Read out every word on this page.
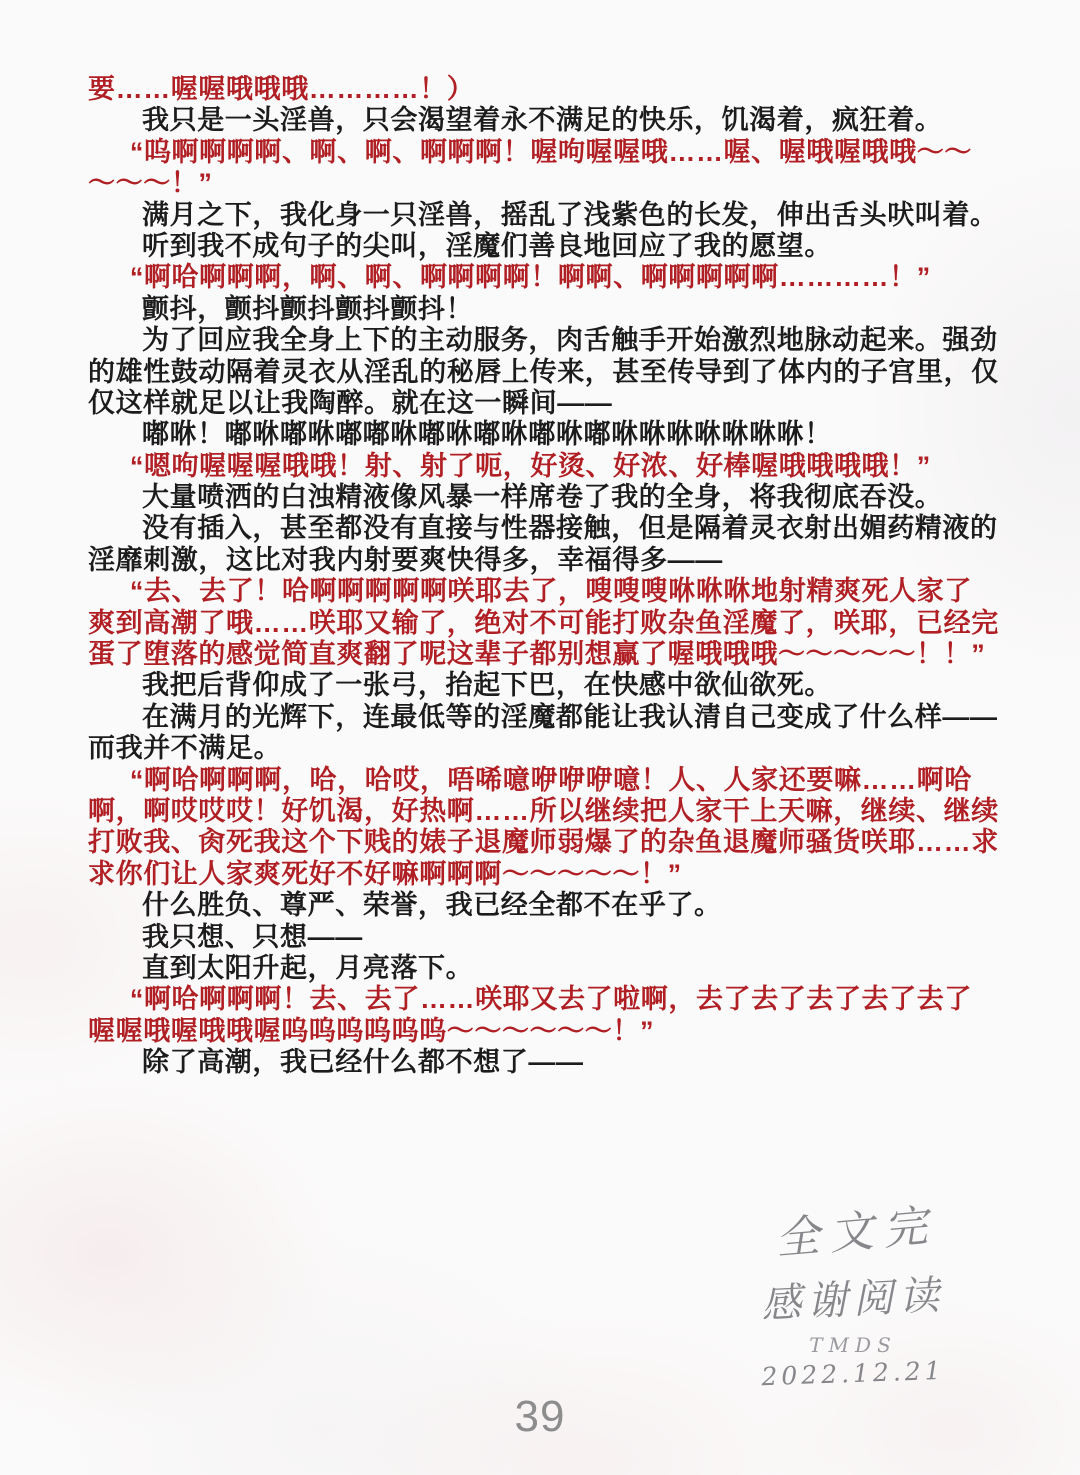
要……喔喔哦哦哦…………！）
我只是一头淫兽，只会渴望着永不满足的快乐，饥渴着，疯狂着。
“呜啊啊啊啊、啊、啊、啊啊啊！喔呴喔喔哦……喔、喔哦喔哦哦～～
～～～！”
满月之下，我化身一只淫兽，摇乱了浅紫色的长发，伸出舌头吠叫着。
听到我不成句子的尖叫，淫魔们善良地回应了我的愿望。
“啊哈啊啊啊，啊、啊、啊啊啊啊！啊啊、啊啊啊啊啊…………！”
颤抖，颤抖颤抖颤抖颤抖！
为了回应我全身上下的主动服务，肉舌触手开始激烈地脉动起来。强劲
的雄性鼓动隔着灵衣从淫乱的秘唇上传来，甚至传导到了体内的子宫里，仅
仅这样就足以让我陶醉。就在这一瞬间——
嘟咻！嘟咻嘟咻嘟嘟咻嘟咻嘟咻嘟咻嘟咻咻咻咻咻咻咻！
“嗯呴喔喔喔哦哦！射、射了呃，好烫、好浓、好棒喔哦哦哦哦！”
大量喷洒的白浊精液像风暴一样席卷了我的全身，将我彻底吞没。
没有插入，甚至都没有直接与性器接触，但是隔着灵衣射出媚药精液的
淫靡刺激，这比对我内射要爽快得多，幸福得多——
“去、去了！哈啊啊啊啊啊咲耶去了，嗖嗖嗖咻咻咻地射精爽死人家了
爽到高潮了哦……咲耶又输了，绝对不可能打败杂鱼淫魔了，咲耶，已经完
蛋了堕落的感觉简直爽翻了呢这辈子都别想赢了喔哦哦哦～～～～～！！”
我把后背仰成了一张弓，抬起下巴，在快感中欲仙欲死。
在满月的光辉下，连最低等的淫魔都能让我认清自己变成了什么样——
而我并不满足。
“啊哈啊啊啊，哈，哈哎，唔唏噫咿咿咿噫！人、人家还要嘛……啊哈
啊，啊哎哎哎！好饥渴，好热啊……所以继续把人家干上天嘛，继续、继续
打败我、肏死我这个下贱的婊子退魔师弱爆了的杂鱼退魔师骚货咲耶……求
求你们让人家爽死好不好嘛啊啊啊～～～～～！”
什么胜负、尊严、荣誉，我已经全都不在乎了。
我只想、只想——
直到太阳升起，月亮落下。
“啊哈啊啊啊！去、去了……咲耶又去了啦啊，去了去了去了去了去了
喔喔哦喔哦哦喔呜呜呜呜呜呜～～～～～～！”
除了高潮，我已经什么都不想了——
全文完
感谢阅读
TMDS
2022.12.21
39
